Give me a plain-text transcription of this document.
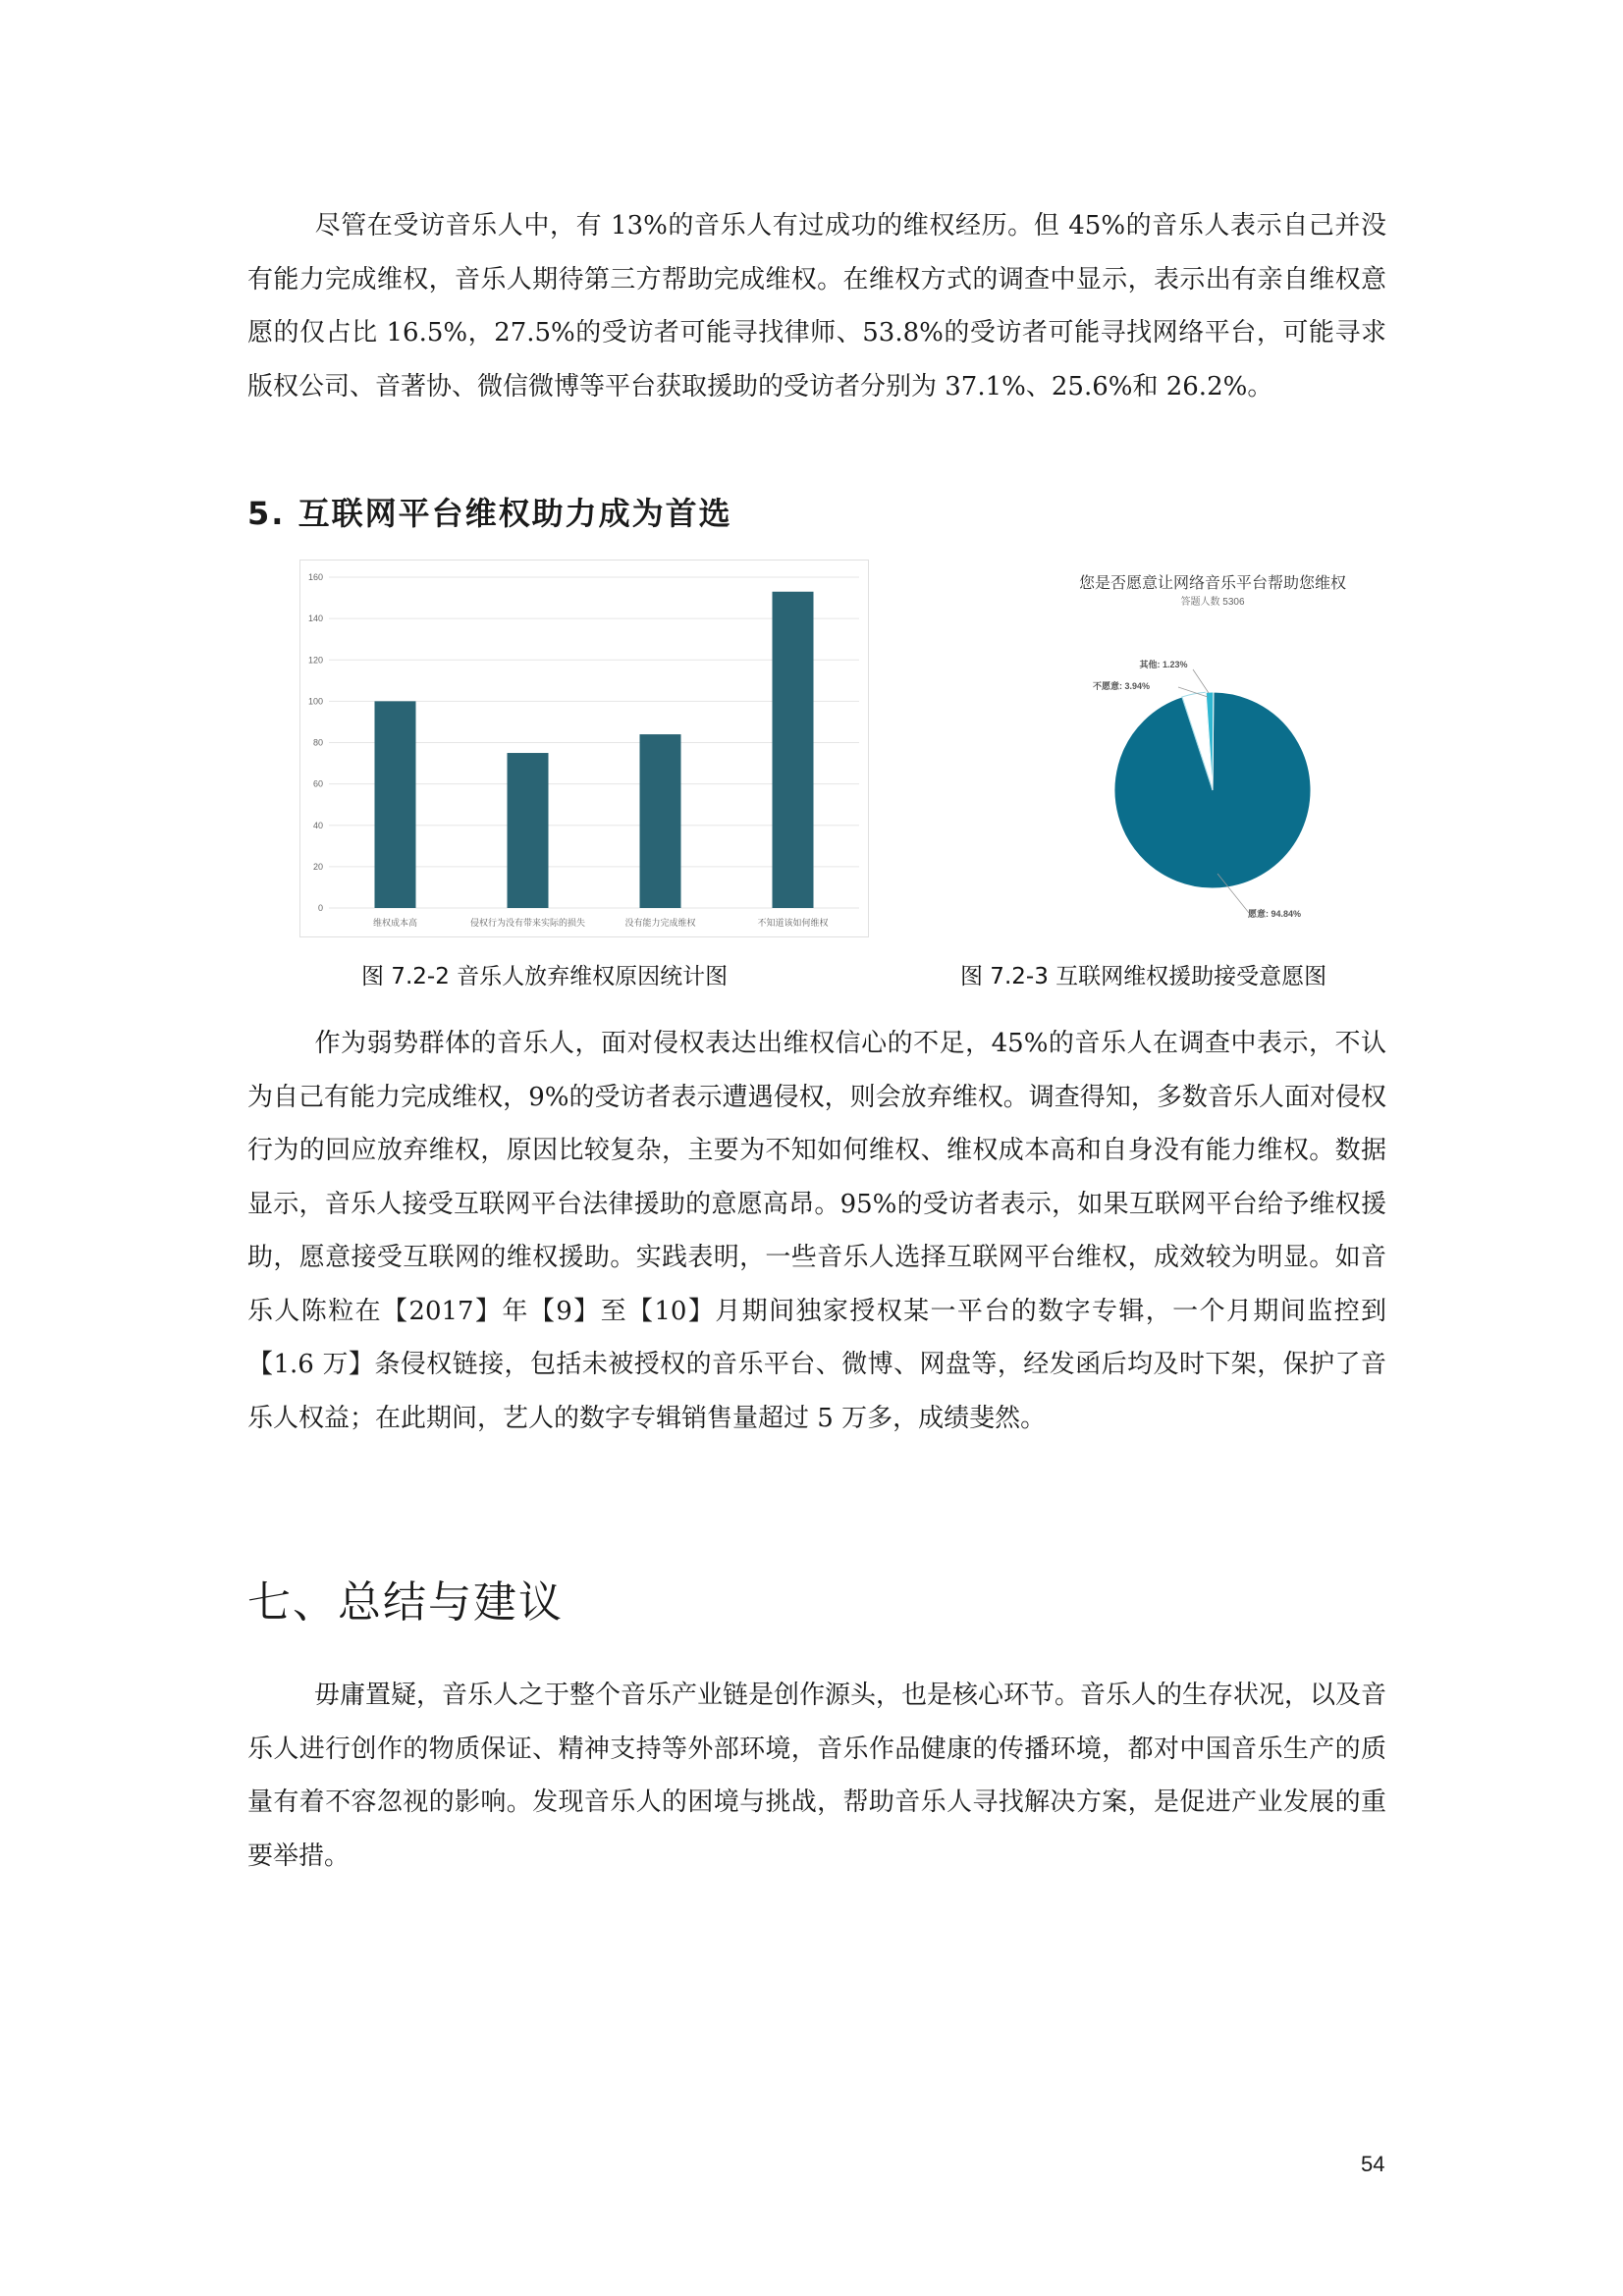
尽管在受访音乐人中，有 13%的音乐人有过成功的维权经历。但 45%的音乐人表示自己并没有能力完成维权，音乐人期待第三方帮助完成维权。在维权方式的调查中显示，表示出有亲自维权意愿的仅占比 16.5%，27.5%的受访者可能寻找律师、53.8%的受访者可能寻找网络平台，可能寻求版权公司、音著协、微信微博等平台获取援助的受访者分别为 37.1%、25.6%和 26.2%。

5. 互联网平台维权助力成为首选
0
20
40
60
80
100
120
140
160
维权成本高	侵权行为没有带来实际的损失	没有能力完成维权	不知道该如何维权
图 7.2-2 音乐人放弃维权原因统计图
您是否愿意让网络音乐平台帮助您维权
答题人数 5306
愿意: 94.84%
不愿意: 3.94%
其他: 1.23%
图 7.2-3 互联网维权援助接受意愿图

作为弱势群体的音乐人，面对侵权表达出维权信心的不足，45%的音乐人在调查中表示，不认为自己有能力完成维权，9%的受访者表示遭遇侵权，则会放弃维权。调查得知，多数音乐人面对侵权行为的回应放弃维权，原因比较复杂，主要为不知如何维权、维权成本高和自身没有能力维权。数据显示，音乐人接受互联网平台法律援助的意愿高昂。95%的受访者表示，如果互联网平台给予维权援助，愿意接受互联网的维权援助。实践表明，一些音乐人选择互联网平台维权，成效较为明显。如音乐人陈粒在【2017】年【9】至【10】月期间独家授权某一平台的数字专辑，一个月期间监控到【1.6 万】条侵权链接，包括未被授权的音乐平台、微博、网盘等，经发函后均及时下架，保护了音乐人权益；在此期间，艺人的数字专辑销售量超过 5 万多，成绩斐然。

七、总结与建议

毋庸置疑，音乐人之于整个音乐产业链是创作源头，也是核心环节。音乐人的生存状况，以及音乐人进行创作的物质保证、精神支持等外部环境，音乐作品健康的传播环境，都对中国音乐生产的质量有着不容忽视的影响。发现音乐人的困境与挑战，帮助音乐人寻找解决方案，是促进产业发展的重要举措。

54
